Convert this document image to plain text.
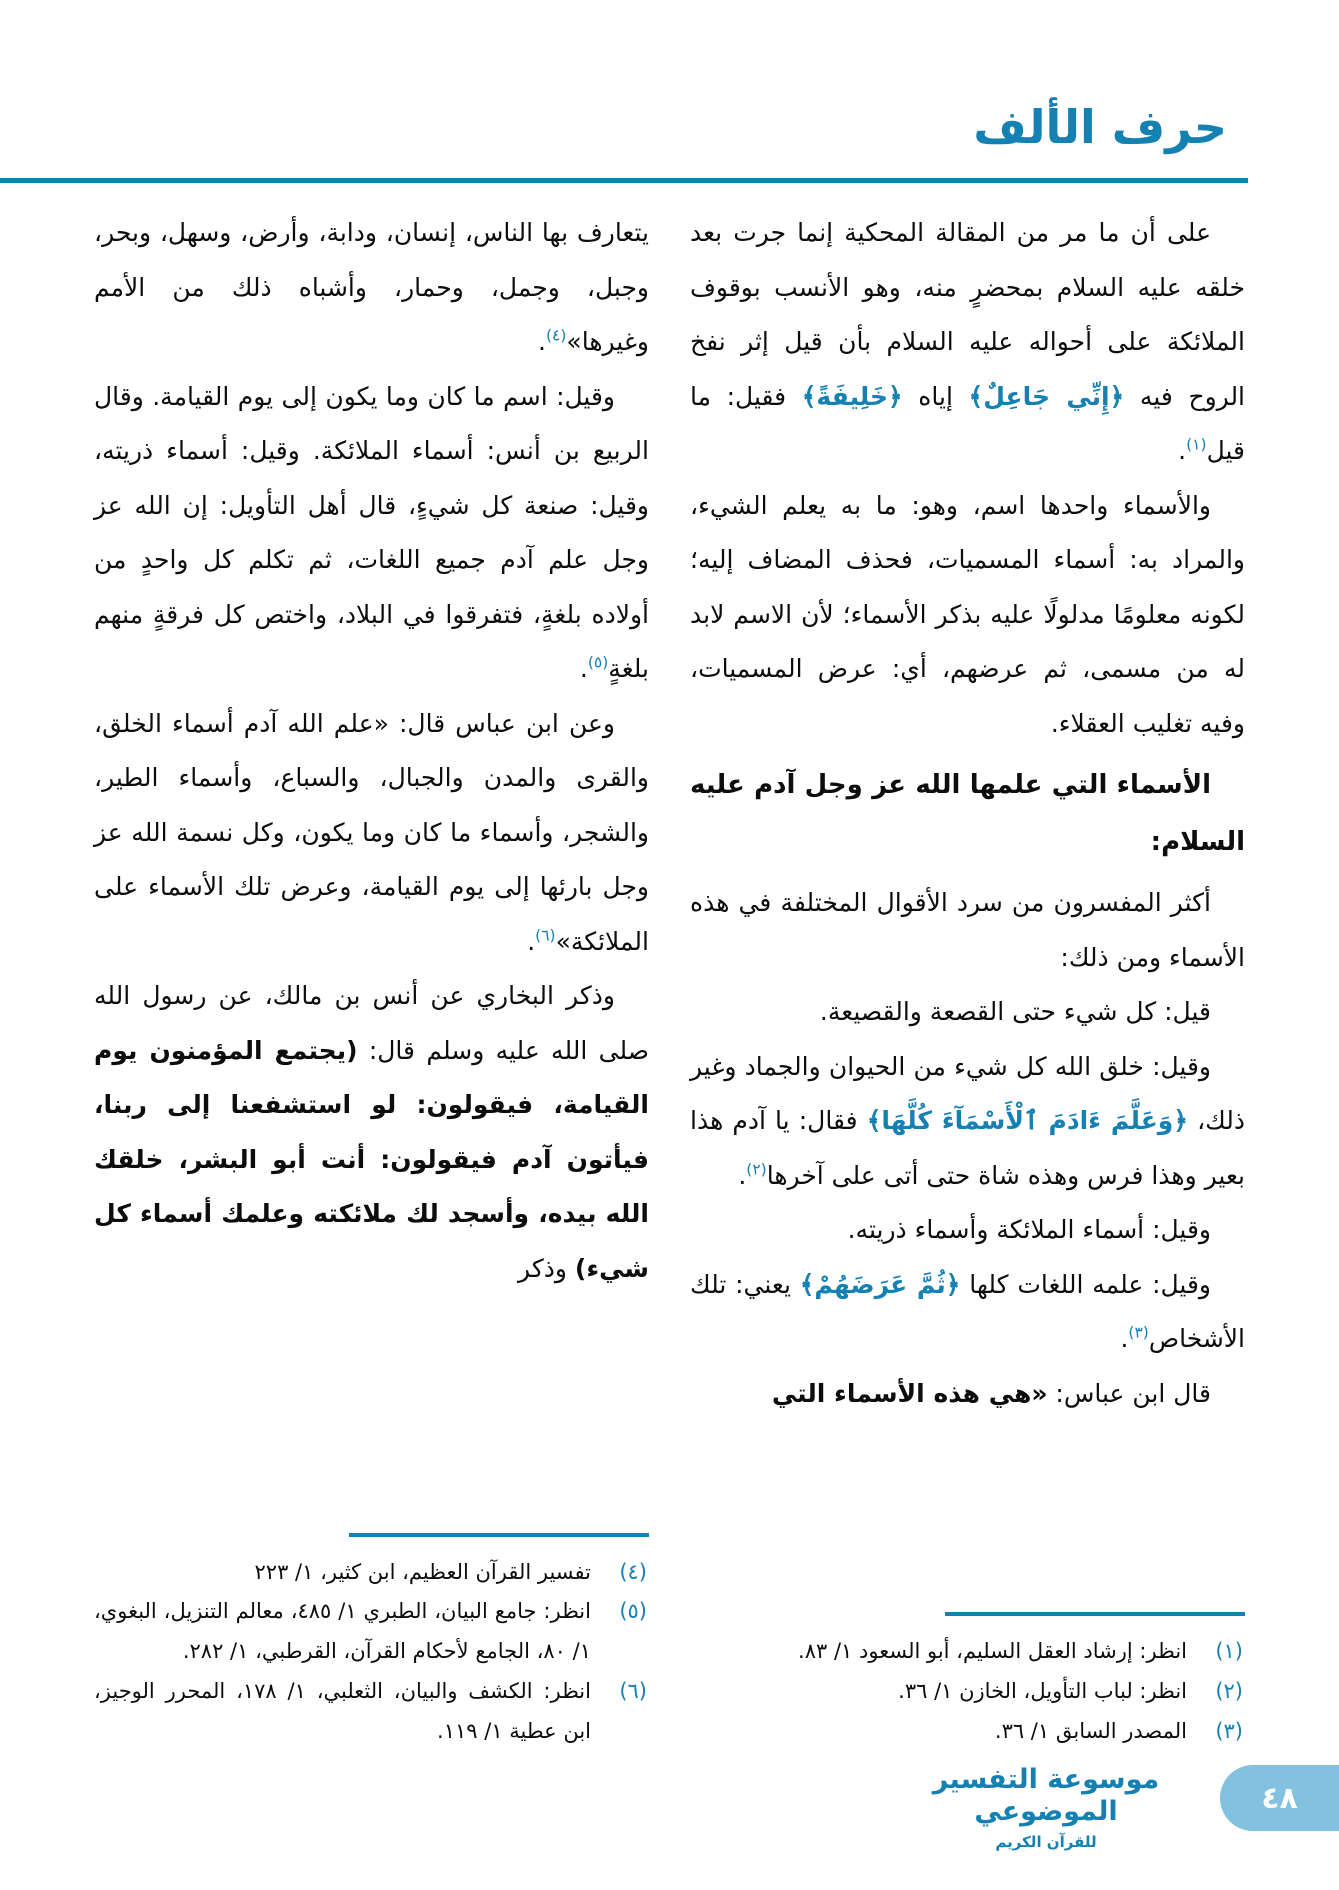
حرف الألف

على أن ما مر من المقالة المحكية إنما جرت بعد خلقه عليه السلام بمحضرٍ منه، وهو الأنسب بوقوف الملائكة على أحواله عليه السلام بأن قيل إثر نفخ الروح فيه ﴿إِنِّي جَاعِلٌ﴾ إياه ﴿خَلِيفَةً﴾ فقيل: ما قيل$^{(١)}$.

والأسماء واحدها اسم، وهو: ما به يعلم الشيء، والمراد به: أسماء المسميات، فحذف المضاف إليه؛ لكونه معلومًا مدلولًا عليه بذكر الأسماء؛ لأن الاسم لابد له من مسمى، ثم عرضهم، أي: عرض المسميات، وفيه تغليب العقلاء.

الأسماء التي علمها الله عز وجل آدم عليه السلام:

أكثر المفسرون من سرد الأقوال المختلفة في هذه الأسماء ومن ذلك:

قيل: كل شيء حتى القصعة والقصيعة.

وقيل: خلق الله كل شيء من الحيوان والجماد وغير ذلك، ﴿وَعَلَّمَ ءَادَمَ ٱلْأَسْمَآءَ كُلَّهَا﴾ فقال: يا آدم هذا بعير وهذا فرس وهذه شاة حتى أتى على آخرها$^{(٢)}$.

وقيل: أسماء الملائكة وأسماء ذريته.

وقيل: علمه اللغات كلها ﴿ثُمَّ عَرَضَهُمْ﴾ يعني: تلك الأشخاص$^{(٣)}$.

قال ابن عباس: «هي هذه الأسماء التي

(١)
انظر: إرشاد العقل السليم، أبو السعود ١/ ٨٣.
(٢)
انظر: لباب التأويل، الخازن ١/ ٣٦.
(٣)
المصدر السابق ١/ ٣٦.

يتعارف بها الناس، إنسان، ودابة، وأرض، وسهل، وبحر، وجبل، وجمل، وحمار، وأشباه ذلك من الأمم وغيرها»$^{(٤)}$.

وقيل: اسم ما كان وما يكون إلى يوم القيامة. وقال الربيع بن أنس: أسماء الملائكة. وقيل: أسماء ذريته، وقيل: صنعة كل شيءٍ، قال أهل التأويل: إن الله عز وجل علم آدم جميع اللغات، ثم تكلم كل واحدٍ من أولاده بلغةٍ، فتفرقوا في البلاد، واختص كل فرقةٍ منهم بلغةٍ$^{(٥)}$.

وعن ابن عباس قال: «علم الله آدم أسماء الخلق، والقرى والمدن والجبال، والسباع، وأسماء الطير، والشجر، وأسماء ما كان وما يكون، وكل نسمة الله عز وجل بارئها إلى يوم القيامة، وعرض تلك الأسماء على الملائكة»$^{(٦)}$.

وذكر البخاري عن أنس بن مالك، عن رسول الله صلى الله عليه وسلم قال: (يجتمع المؤمنون يوم القيامة، فيقولون: لو استشفعنا إلى ربنا، فيأتون آدم فيقولون: أنت أبو البشر، خلقك الله بيده، وأسجد لك ملائكته وعلمك أسماء كل شيء) وذكر

(٤)
تفسير القرآن العظيم، ابن كثير، ١/ ٢٢٣
(٥)
انظر: جامع البيان، الطبري ١/ ٤٨٥، معالم التنزيل، البغوي، ١/ ٨٠، الجامع لأحكام القرآن، القرطبي، ١/ ٢٨٢.
(٦)
انظر: الكشف والبيان، الثعلبي، ١/ ١٧٨، المحرر الوجيز، ابن عطية ١/ ١١٩.
موسوعة التفسير الموضوعي
للقرآن الكريم
٤٨
